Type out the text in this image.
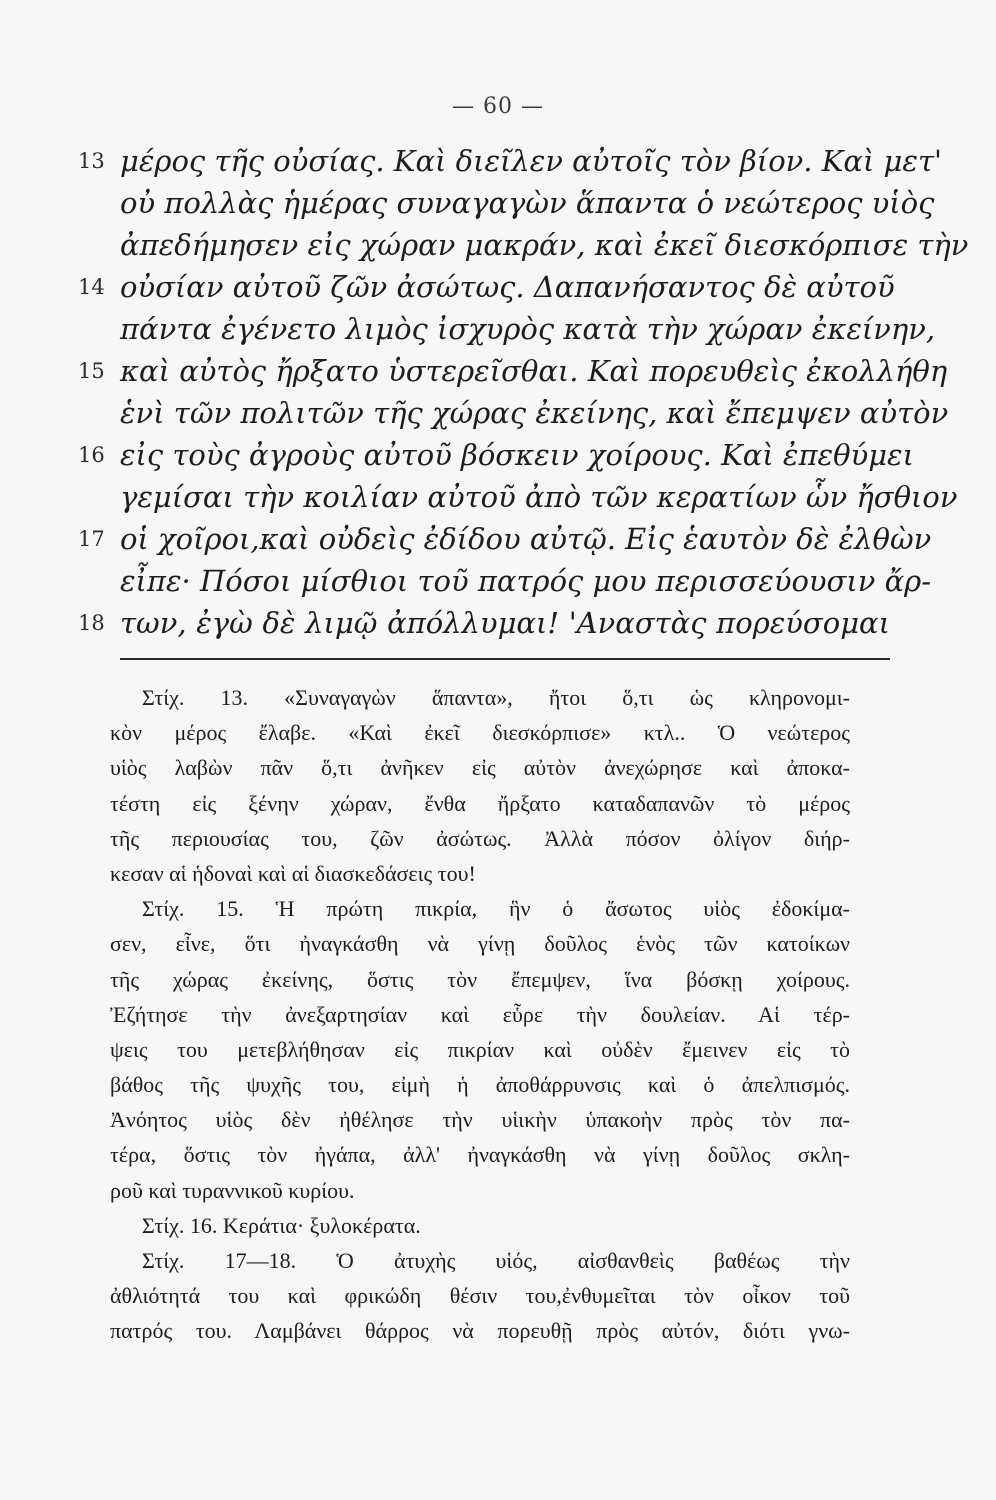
— 60 —
13 μέρος τῆς οὐσίας. Καὶ διεῖλεν αὐτοῖς τὸν βίον. Καὶ μετ'
οὐ πολλὰς ἡμέρας συναγαγὼν ἅπαντα ὁ νεώτερος υἱὸς
ἀπεδήμησεν εἰς χώραν μακράν, καὶ ἐκεῖ διεσκόρπισε τὴν
14 οὐσίαν αὐτοῦ ζῶν ἀσώτως. Δαπανήσαντος δὲ αὐτοῦ
πάντα ἐγένετο λιμὸς ἰσχυρὸς κατὰ τὴν χώραν ἐκείνην,
15 καὶ αὐτὸς ἤρξατο ὑστερεῖσθαι. Καὶ πορευθεὶς ἐκολλήθη
ἑνὶ τῶν πολιτῶν τῆς χώρας ἐκείνης, καὶ ἔπεμψεν αὐτὸν
16 εἰς τοὺς ἀγροὺς αὐτοῦ βόσκειν χοίρους. Καὶ ἐπεθύμει
γεμίσαι τὴν κοιλίαν αὐτοῦ ἀπὸ τῶν κερατίων ὧν ἤσθιον
17 οἱ χοῖροι,καὶ οὐδεὶς ἐδίδου αὐτῷ. Εἰς ἑαυτὸν δὲ ἐλθὼν
εἶπε· Πόσοι μίσθιοι τοῦ πατρός μου περισσεύουσιν ἄρ-
18 των, ἐγὼ δὲ λιμῷ ἀπόλλυμαι! 'Αναστὰς πορεύσομαι
Στίχ. 13. «Συναγαγὼν ἅπαντα», ἤτοι ὅ,τι ὡς κληρονομι-
κὸν μέρος ἔλαβε. «Καὶ ἐκεῖ διεσκόρπισε» κτλ.. Ὁ νεώτερος
υἱὸς λαβὼν πᾶν ὅ,τι ἀνῆκεν εἰς αὐτὸν ἀνεχώρησε καὶ ἀποκα-
τέστη εἰς ξένην χώραν, ἔνθα ἤρξατο καταδαπανῶν τὸ μέρος
τῆς περιουσίας του, ζῶν ἀσώτως. Ἀλλὰ πόσον ὀλίγον διήρ-
κεσαν αἱ ἡδοναὶ καὶ αἱ διασκεδάσεις του!
Στίχ. 15. Ἡ πρώτη πικρία, ἣν ὁ ἄσωτος υἱὸς ἐδοκίμα-
σεν, εἶνε, ὅτι ἠναγκάσθη νὰ γίνῃ δοῦλος ἑνὸς τῶν κατοίκων
τῆς χώρας ἐκείνης, ὅστις τὸν ἔπεμψεν, ἵνα βόσκῃ χοίρους.
Ἐζήτησε τὴν ἀνεξαρτησίαν καὶ εὗρε τὴν δουλείαν. Αἱ τέρ-
ψεις του μετεβλήθησαν εἰς πικρίαν καὶ οὐδὲν ἔμεινεν εἰς τὸ
βάθος τῆς ψυχῆς του, εἰμὴ ἡ ἀποθάρρυνσις καὶ ὁ ἀπελπισμός.
Ἀνόητος υἱὸς δὲν ἠθέλησε τὴν υἱικὴν ὑπακοὴν πρὸς τὸν πα-
τέρα, ὅστις τὸν ἠγάπα, ἀλλ' ἠναγκάσθη νὰ γίνῃ δοῦλος σκλη-
ροῦ καὶ τυραννικοῦ κυρίου.
Στίχ. 16. Κεράτια· ξυλοκέρατα.
Στίχ. 17—18. Ὁ ἀτυχὴς υἱός, αἰσθανθεὶς βαθέως τὴν
ἀθλιότητά του καὶ φρικώδη θέσιν του,ἐνθυμεῖται τὸν οἶκον τοῦ
πατρός του. Λαμβάνει θάρρος νὰ πορευθῇ πρὸς αὐτόν, διότι γνω-
